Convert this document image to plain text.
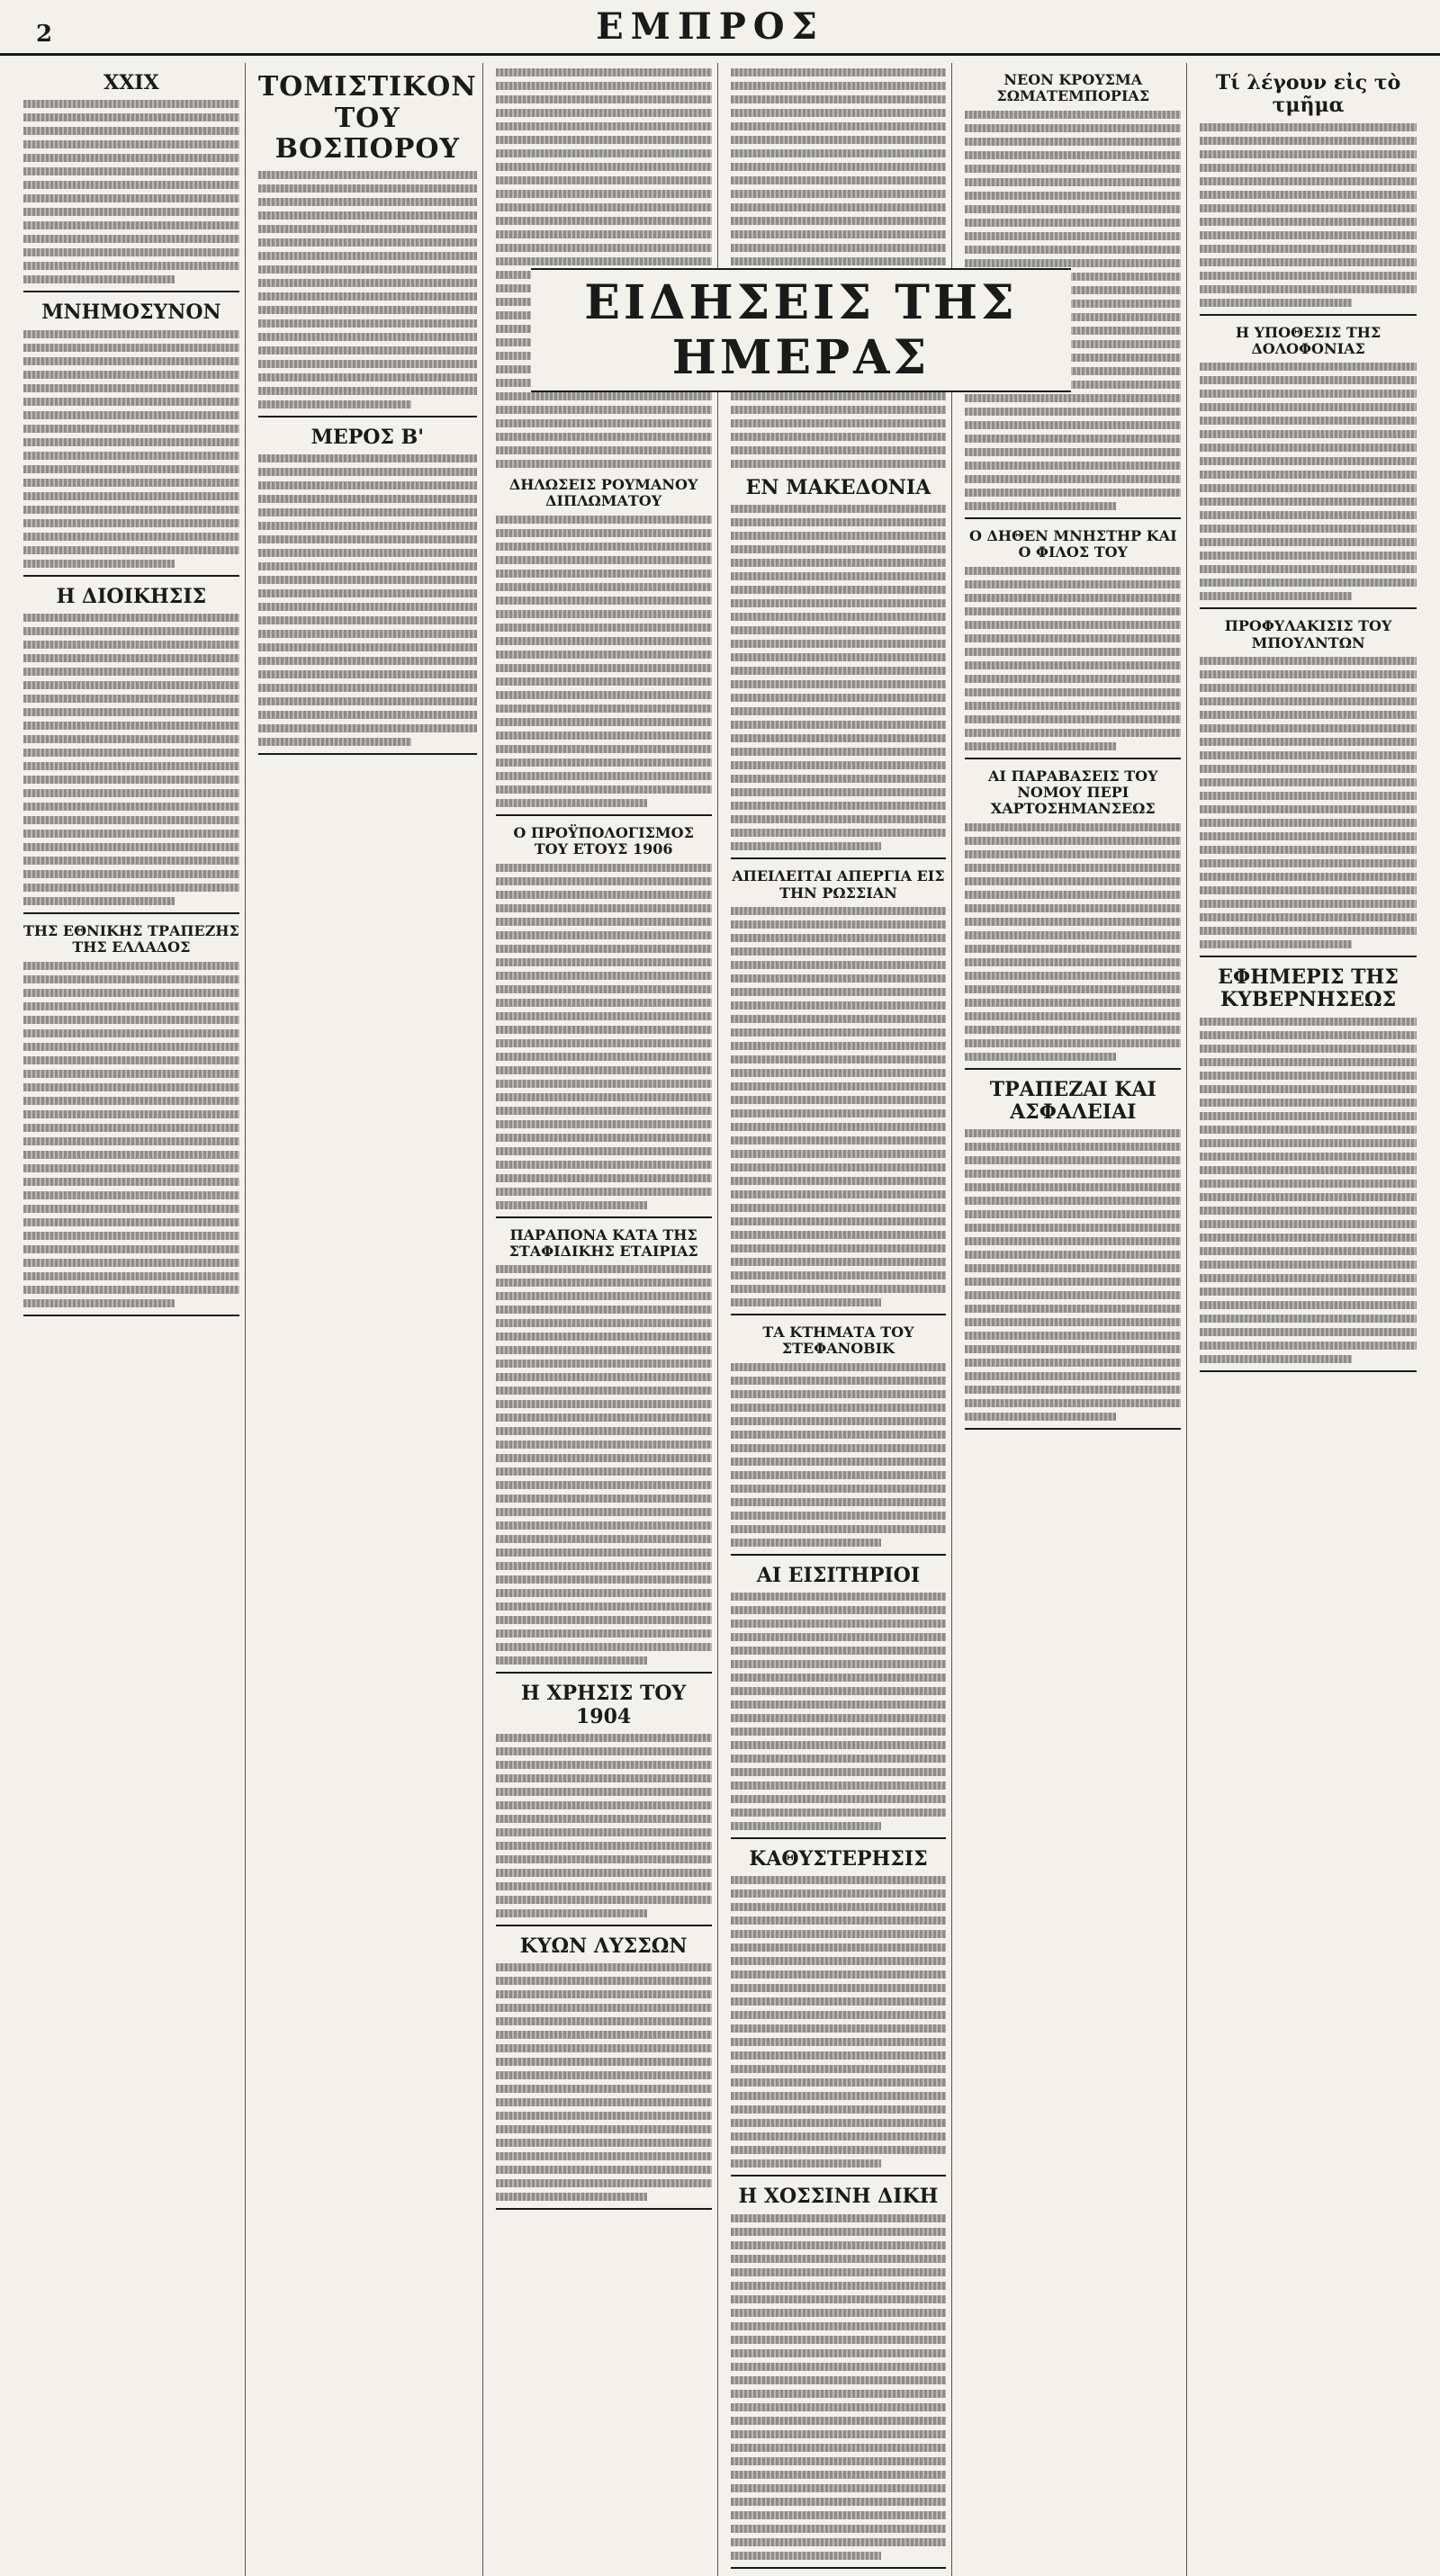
2	ΕΜΠΡΟΣ
XXIX
ΜΝΗΜΟΣΥΝΟΝ
Η ΔΙΟΙΚΗΣΙΣ
ΤΗΣ ΕΘΝΙΚΗΣ ΤΡΑΠΕΖΗΣ ΤΗΣ ΕΛΛΑΔΟΣ
ΤΟΜΙΣΤΙΚΟΝ ΤΟΥ ΒΟΣΠΟΡΟΥ
ΜΕΡΟΣ Β'
ΔΗΛΩΣΕΙΣ ΡΟΥΜΑΝΟΥ ΔΙΠΛΩΜΑΤΟΥ
Ο ΠΡΟΫΠΟΛΟΓΙΣΜΟΣ ΤΟΥ ΕΤΟΥΣ 1906
ΠΑΡΑΠΟΝΑ ΚΑΤΑ ΤΗΣ ΣΤΑΦΙΔΙΚΗΣ ΕΤΑΙΡΙΑΣ
Η ΧΡΗΣΙΣ ΤΟΥ 1904
ΚΥΩΝ ΛΥΣΣΩΝ
ΕΝ ΜΑΚΕΔΟΝΙΑ
ΑΠΕΙΛΕΙΤΑΙ ΑΠΕΡΓΙΑ ΕΙΣ ΤΗΝ ΡΩΣΣΙΑΝ
ΤΑ ΚΤΗΜΑΤΑ ΤΟΥ ΣΤΕΦΑΝΟΒΙΚ
ΑΙ ΕΙΣΙΤΗΡΙΟΙ
ΚΑΘΥΣΤΕΡΗΣΙΣ
Η ΧΟΣΣΙΝΗ ΔΙΚΗ
ΝΕΟΝ ΚΡΟΥΣΜΑ ΣΩΜΑΤΕΜΠΟΡΙΑΣ
Ο ΔΗΘΕΝ ΜΝΗΣΤΗΡ ΚΑΙ Ο ΦΙΛΟΣ ΤΟΥ
ΑΙ ΠΑΡΑΒΑΣΕΙΣ ΤΟΥ ΝΟΜΟΥ ΠΕΡΙ ΧΑΡΤΟΣΗΜΑΝΣΕΩΣ
ΤΡΑΠΕΖΑΙ ΚΑΙ ΑΣΦΑΛΕΙΑΙ
Τί λέγουν εἰς τὸ τμῆμα
Η ΥΠΟΘΕΣΙΣ ΤΗΣ ΔΟΛΟΦΟΝΙΑΣ
ΠΡΟΦΥΛΑΚΙΣΙΣ ΤΟΥ ΜΠΟΥΛΝΤΩΝ
ΕΦΗΜΕΡΙΣ ΤΗΣ ΚΥΒΕΡΝΗΣΕΩΣ
ΕΙΔΗΣΕΙΣ ΤΗΣ ΗΜΕΡΑΣ
